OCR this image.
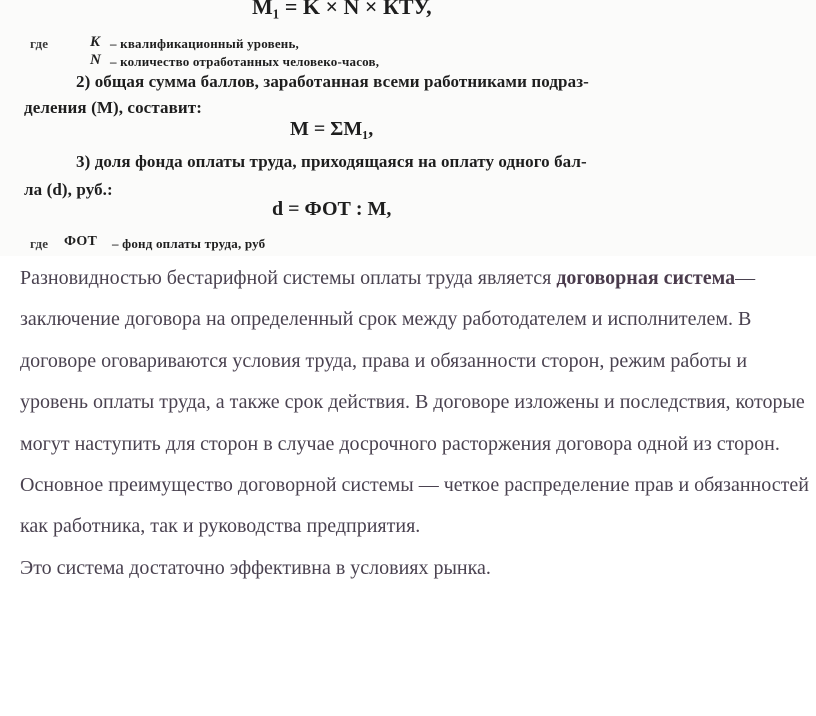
M₁ = K × N × КТУ,
где	K – квалификационный уровень,
N – количество отработанных человеко-часов,
2) общая сумма баллов, заработанная всеми работниками подраз-
деления (M), составит:
M = ΣM₁,
3) доля фонда оплаты труда, приходящаяся на оплату одного бал-
ла (d), руб.:
d = ФОТ : M,
где ФОТ – фонд оплаты труда, руб

Разновидностью бестарифной системы оплаты труда является договорная система— заключение договора на определенный срок между работодателем и исполнителем. В договоре оговариваются условия труда, права и обязанности сторон, режим работы и уровень оплаты труда, а также срок действия. В договоре изложены и последствия, которые могут наступить для сторон в случае досрочного расторжения договора одной из сторон.

Основное преимущество договорной системы — четкое распределение прав и обязанностей как работника, так и руководства предприятия.

Это система достаточно эффективна в условиях рынка.
